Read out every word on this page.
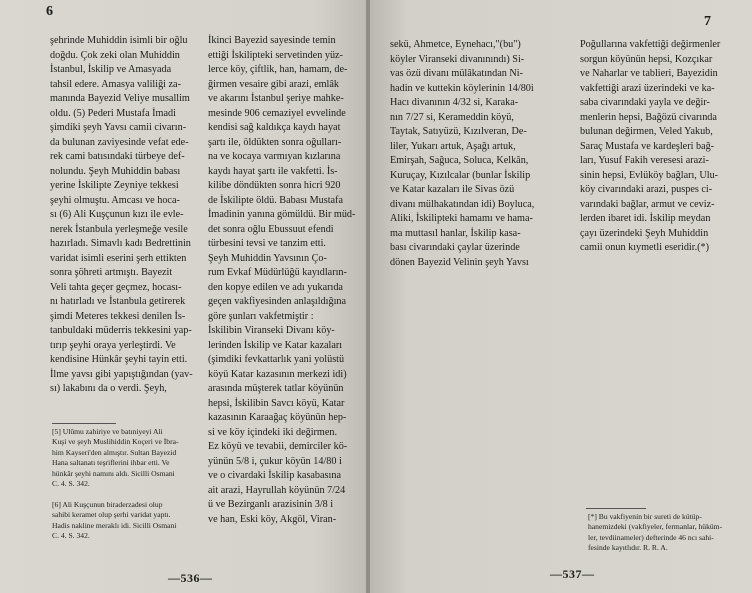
6
şehrinde Muhiddin isimli bir oğlu
doğdu. Çok zeki olan Muhiddin
İstanbul, İskilip ve Amasyada
tahsil edere. Amasya valiliği za-
manında Bayezid Veliye musallim
oldu. (5) Pederi Mustafa İmadi
şimdiki şeyh Yavsı camii civarın-
da bulunan zaviyesinde vefat ede-
rek cami batısındaki türbeye def-
nolundu. Şeyh Muhiddin babası
yerine İskilipte Zeyniye tekkesi
şeyhi olmuştu. Amcası ve hoca-
sı (6) Ali Kuşçunun kızı ile evle-
nerek İstanbula yerleşmeğe vesile
hazırladı. Simavlı kadı Bedrettinin
varidat isimli eserini şerh ettikten
sonra şöhreti artmıştı. Bayezit
Veli tahta geçer geçmez, hocası-
nı hatırladı ve İstanbula getirerek
şimdi Meteres tekkesi denilen İs-
tanbuldaki müderris tekkesini yap-
tırıp şeyhi oraya yerleştirdi. Ve
kendisine Hünkâr şeyhi tayin etti.
İlme yavsı gibi yapıştığından (yav-
sı) lakabını da o verdi. Şeyh,
[5] Ulûmu zahiriye ve batıniyeyi Ali
Kuşi ve şeyh Muslihiddin Koçeri ve İbra-
him Kayseri'den almıştır. Sultan Bayezid
Hana saltanatı teşriflerini ihbar etti. Ve
hünkâr şeyhi namını aldı. Sicilli Osmani
C. 4. S. 342.
[6] Ali Kuşçunun biraderzadesi olup
sahibi keramet olup şerhi varidat yaptı.
Hadis nakline meraklı idi. Sicilli Osmani
C. 4. S. 342.
İkinci Bayezid sayesinde temin
ettiği İskilipteki servetinden yüz-
lerce köy, çiftlik, han, hamam, de-
ğirmen vesaire gibi arazi, emlâk
ve akarını İstanbul şeriye mahke-
mesinde 906 cemaziyel evvelinde
kendisi sağ kaldıkça kaydı hayat
şartı ile, öldükten sonra oğulları-
na ve kocaya varmıyan kızlarına
kaydı hayat şartı ile vakfetti. İs-
kilibe döndükten sonra hicri 920
de İskilipte öldü. Babası Mustafa
İmadinin yanına gömüldü. Bir müd-
det sonra oğlu Ebussuut efendi
türbesini tevsi ve tanzim etti.
Şeyh Muhiddin Yavsının Ço-
rum Evkaf Müdürlüğü kayıdların-
den kopye edilen ve adı yukarıda
geçen vakfiyesinden anlaşıldığına
göre şunları vakfetmiştir :
İskilibin Viranseki Divanı köy-
lerinden İskilip ve Katar kazaları
(şimdiki fevkattarlık yani yolüstü
köyü Katar kazasının merkezi idi)
arasında müşterek tatlar köyünün
hepsi, İskilibin Savcı köyü, Katar
kazasının Karaağaç köyünün hep-
si ve köy içindeki iki değirmen.
Ez köyü ve tevabii, demirciler kö-
yünün 5/8 i, çukur köyün 14/80 i
ve o civardaki İskilip kasabasına
ait arazi, Hayrullah köyünün 7/24
ü ve Bezirganlı arazisinin 3/8 i
ve han, Eski köy, Akgöl, Viran-
—536—
7
sekü, Ahmetce, Eynehacı,"(bu")
köyler Viranseki divanınındı) Si-
vas özü divanı mülâkatından Ni-
hadin ve kuttekin köylerinin 14/80i
Hacı divanının 4/32 si, Karaka-
nın 7/27 si, Kerameddin köyü,
Taytak, Satıyüzü, Kızılveran, De-
liler, Yukarı artuk, Aşağı artuk,
Emirşah, Sağuca, Soluca, Kelkân,
Kuruçay, Kızılcalar (bunlar İskilip
ve Katar kazaları ile Sivas özü
divanı mülhakatından idi) Boyluca,
Aliki, İskilipteki hamamı ve hama-
ma muttasıl hanlar, İskilip kasa-
bası civarındaki çaylar üzerinde
dönen Bayezid Velinin şeyh Yavsı
Poğullarına vakfettiği değirmenler
sorgun köyünün hepsi, Kozçıkar
ve Naharlar ve tablieri, Bayezidin
vakfettiği arazi üzerindeki ve ka-
saba civarındaki yayla ve değir-
menlerin hepsi, Bağözü civarında
bulunan değirmen, Veled Yakub,
Saraç Mustafa ve kardeşleri bağ-
ları, Yusuf Fakih veresesi arazi-
sinin hepsi, Evlüköy bağları, Ulu-
köy civarındaki arazi, puspes ci-
varındaki bağlar, armut ve ceviz-
lerden ibaret idi. İskilip meydan
çayı üzerindeki Şeyh Muhiddin
camii onun kıymetli eseridir.(*)
[*] Bu vakfiyenin bir sureti de kütüp-
hanemizdeki (vakfiyeler, fermanlar, hüküm-
ler, tevdiinameler) defterinde 46 ncı sahi-
fesinde kayıtlıdır. R. R. A.
—537—
